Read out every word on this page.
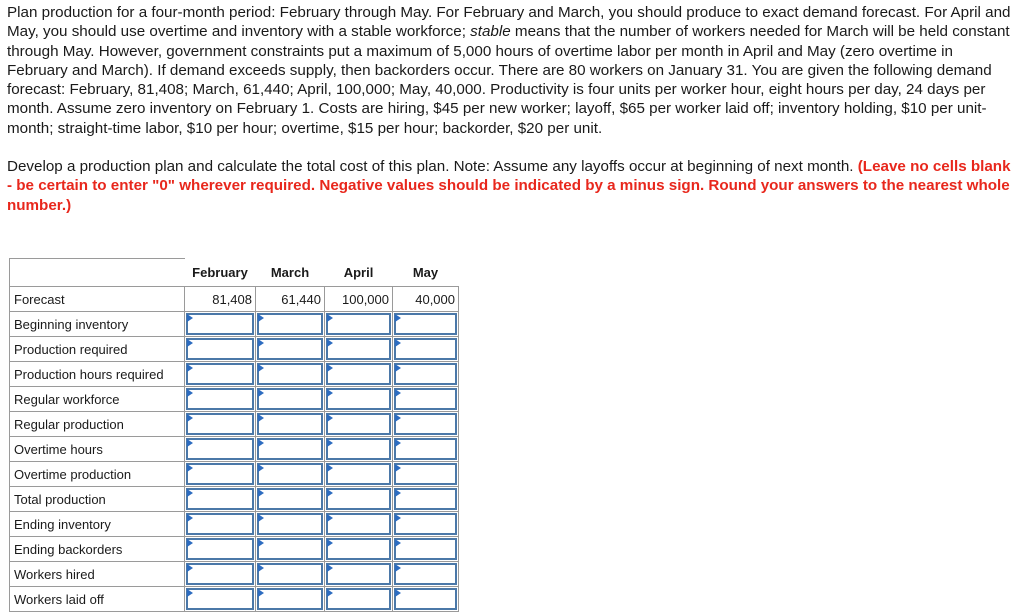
Plan production for a four-month period: February through May. For February and March, you should produce to exact demand forecast. For April and May, you should use overtime and inventory with a stable workforce; stable means that the number of workers needed for March will be held constant through May. However, government constraints put a maximum of 5,000 hours of overtime labor per month in April and May (zero overtime in February and March). If demand exceeds supply, then backorders occur. There are 80 workers on January 31. You are given the following demand forecast: February, 81,408; March, 61,440; April, 100,000; May, 40,000. Productivity is four units per worker hour, eight hours per day, 24 days per month. Assume zero inventory on February 1. Costs are hiring, $45 per new worker; layoff, $65 per worker laid off; inventory holding, $10 per unit-month; straight-time labor, $10 per hour; overtime, $15 per hour; backorder, $20 per unit.

Develop a production plan and calculate the total cost of this plan. Note: Assume any layoffs occur at beginning of next month. (Leave no cells blank - be certain to enter "0" wherever required. Negative values should be indicated by a minus sign. Round your answers to the nearest whole number.)

	February	March	April	May
Forecast	81,408	61,440	100,000	40,000
Beginning inventory	

Production required	

Production hours required	

Regular workforce	

Regular production	

Overtime hours	

Overtime production	

Total production	

Ending inventory	

Ending backorders	

Workers hired	

Workers laid off	
